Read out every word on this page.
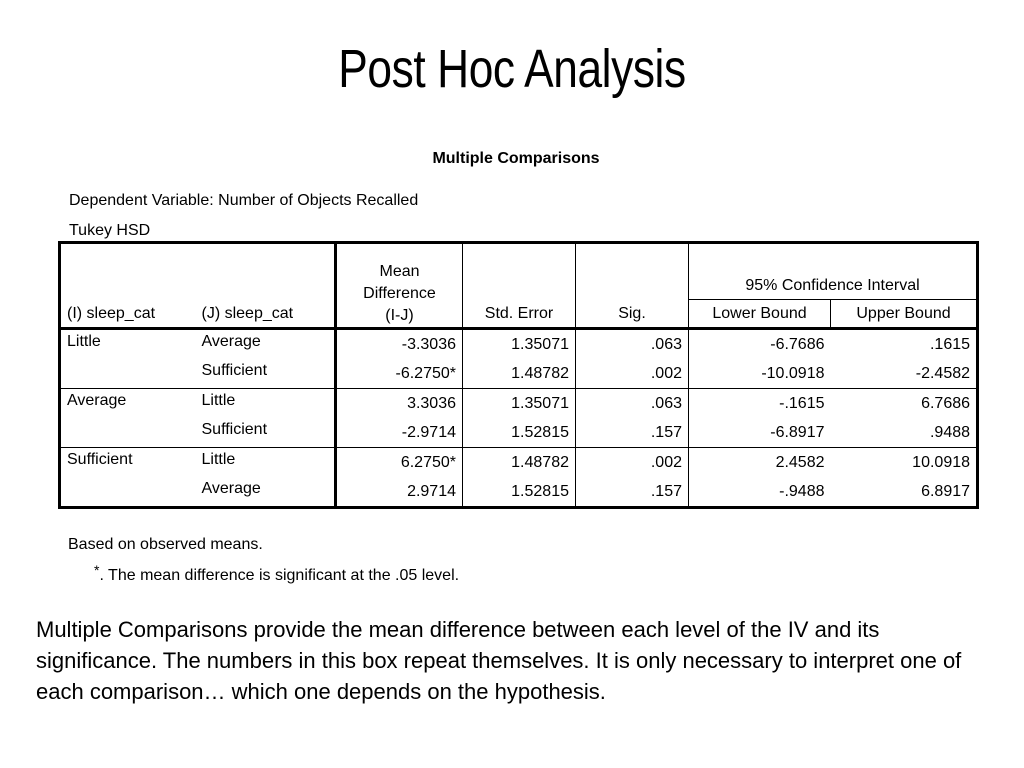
Post Hoc Analysis
Multiple Comparisons
Dependent Variable: Number of Objects Recalled
Tukey HSD
(I) sleep_cat	(J) sleep_cat	Mean
Difference
(I-J)	Std. Error	Sig.	95% Confidence Interval	
					Lower Bound	Upper Bound
Little	Average	-3.3036	1.35071	.063	-6.7686	.1615
	Sufficient	-6.2750*	1.48782	.002	-10.0918	-2.4582
Average	Little	3.3036	1.35071	.063	-.1615	6.7686
	Sufficient	-2.9714	1.52815	.157	-6.8917	.9488
Sufficient	Little	6.2750*	1.48782	.002	2.4582	10.0918
	Average	2.9714	1.52815	.157	-.9488	6.8917
Based on observed means.
*. The mean difference is significant at the .05 level.
Multiple Comparisons provide the mean difference between each level of the IV and its significance. The numbers in this box repeat themselves. It is only necessary to interpret one of each comparison… which one depends on the hypothesis.
